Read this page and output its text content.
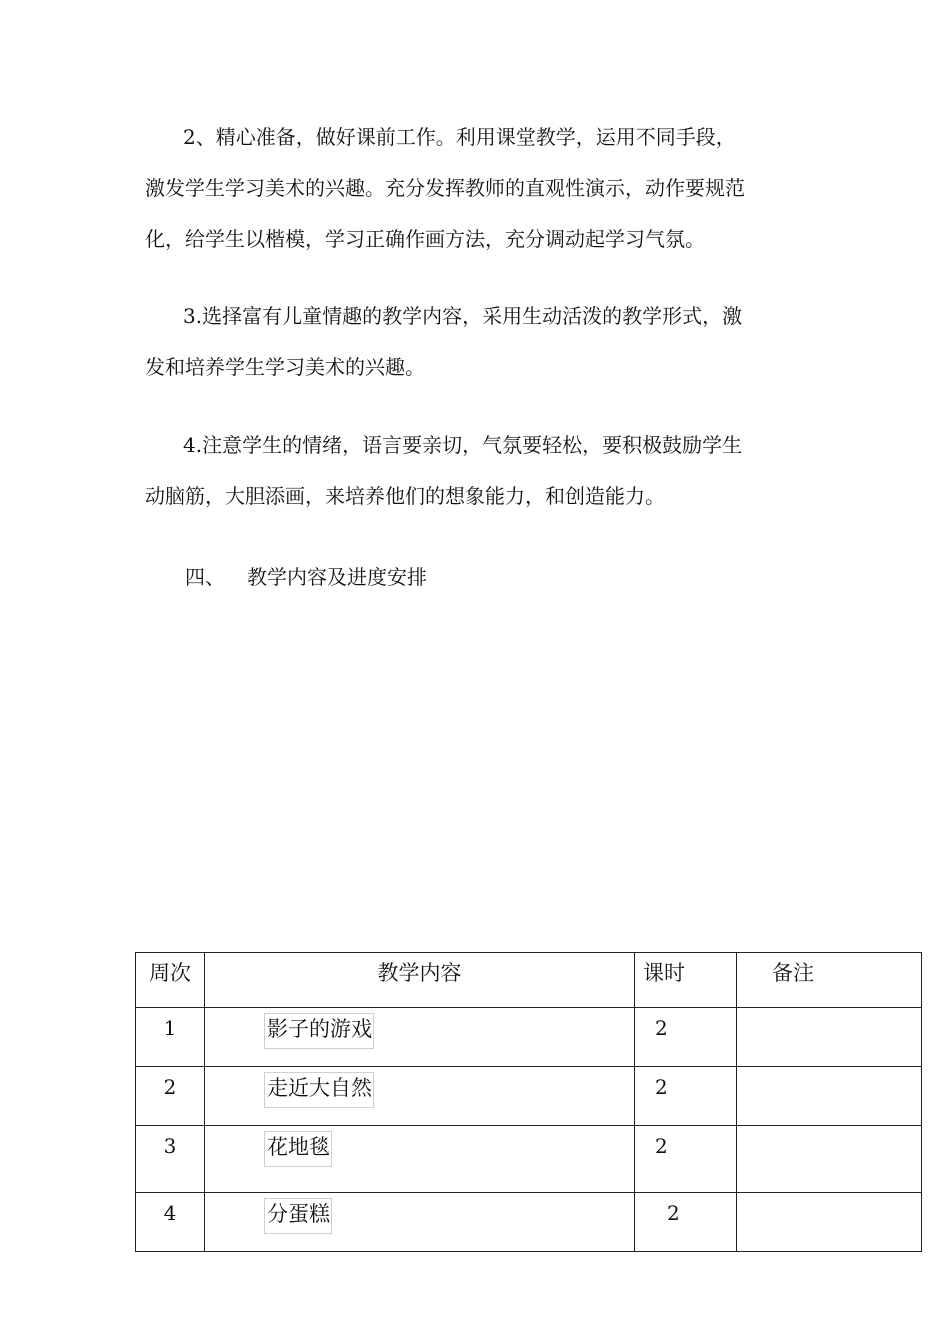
2、精心准备，做好课前工作。利用课堂教学，运用不同手段，
激发学生学习美术的兴趣。充分发挥教师的直观性演示，动作要规范
化，给学生以楷模，学习正确作画方法，充分调动起学习气氛。
3.选择富有儿童情趣的教学内容，采用生动活泼的教学形式，激
发和培养学生学习美术的兴趣。
4.注意学生的情绪，语言要亲切，气氛要轻松，要积极鼓励学生
动脑筋，大胆添画，来培养他们的想象能力，和创造能力。
四、 教学内容及进度安排
周次	教学内容	课时	备注
1	影子的游戏	2	
2	走近大自然	2	
3	花地毯	2	
4	分蛋糕	2	
